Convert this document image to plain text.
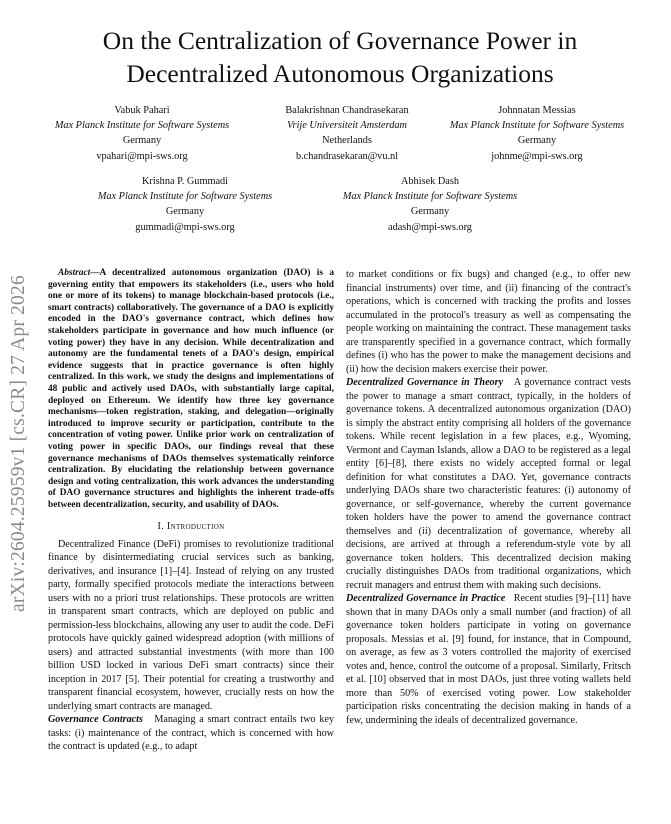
arXiv:2604.25959v1 [cs.CR] 27 Apr 2026
On the Centralization of Governance Power in
Decentralized Autonomous Organizations
Vabuk Pahari
Max Planck Institute for Software Systems
Germany
vpahari@mpi-sws.org
Balakrishnan Chandrasekaran
Vrije Universiteit Amsterdam
Netherlands
b.chandrasekaran@vu.nl
Johnnatan Messias
Max Planck Institute for Software Systems
Germany
johnme@mpi-sws.org
Krishna P. Gummadi
Max Planck Institute for Software Systems
Germany
gummadi@mpi-sws.org
Abhisek Dash
Max Planck Institute for Software Systems
Germany
adash@mpi-sws.org

Abstract—A decentralized autonomous organization (DAO) is a governing entity that empowers its stakeholders (i.e., users who hold one or more of its tokens) to manage blockchain-based protocols (i.e., smart contracts) collaboratively. The governance of a DAO is explicitly encoded in the DAO's governance contract, which defines how stakeholders participate in governance and how much influence (or voting power) they have in any decision. While decentralization and autonomy are the fundamental tenets of a DAO's design, empirical evidence suggests that in practice governance is often highly centralized. In this work, we study the designs and implementations of 48 public and actively used DAOs, with substantially large capital, deployed on Ethereum. We identify how three key governance mechanisms—token registration, staking, and delegation—originally introduced to improve security or participation, contribute to the concentration of voting power. Unlike prior work on centralization of voting power in specific DAOs, our findings reveal that these governance mechanisms of DAOs themselves systematically reinforce centralization. By elucidating the relationship between governance design and voting centralization, this work advances the understanding of DAO governance structures and highlights the inherent trade-offs between decentralization, security, and usability of DAOs.

I. Introduction

Decentralized Finance (DeFi) promises to revolutionize traditional finance by disintermediating crucial services such as banking, derivatives, and insurance [1]–[4]. Instead of relying on any trusted party, formally specified protocols mediate the interactions between users with no a priori trust relationships. These protocols are written in transparent smart contracts, which are deployed on public and permission-less blockchains, allowing any user to audit the code. DeFi protocols have quickly gained widespread adoption (with millions of users) and attracted substantial investments (with more than 100 billion USD locked in various DeFi smart contracts) since their inception in 2017 [5]. Their potential for creating a trustworthy and transparent financial ecosystem, however, crucially rests on how the underlying smart contracts are managed.

Governance Contracts Managing a smart contract entails two key tasks: (i) maintenance of the contract, which is concerned with how the contract is updated (e.g., to adapt

to market conditions or fix bugs) and changed (e.g., to offer new financial instruments) over time, and (ii) financing of the contract's operations, which is concerned with tracking the profits and losses accumulated in the protocol's treasury as well as compensating the people working on maintaining the contract. These management tasks are transparently specified in a governance contract, which formally defines (i) who has the power to make the management decisions and (ii) how the decision makers exercise their power.

Decentralized Governance in Theory A governance contract vests the power to manage a smart contract, typically, in the holders of governance tokens. A decentralized autonomous organization (DAO) is simply the abstract entity comprising all holders of the governance tokens. While recent legislation in a few places, e.g., Wyoming, Vermont and Cayman Islands, allow a DAO to be registered as a legal entity [6]–[8], there exists no widely accepted formal or legal definition for what constitutes a DAO. Yet, governance contracts underlying DAOs share two characteristic features: (i) autonomy of governance, or self-governance, whereby the current governance token holders have the power to amend the governance contract themselves and (ii) decentralization of governance, whereby all decisions, are arrived at through a referendum-style vote by all governance token holders. This decentralized decision making crucially distinguishes DAOs from traditional organizations, which recruit managers and entrust them with making such decisions.

Decentralized Governance in Practice Recent studies [9]–[11] have shown that in many DAOs only a small number (and fraction) of all governance token holders participate in voting on governance proposals. Messias et al. [9] found, for instance, that in Compound, on average, as few as 3 voters controlled the majority of exercised votes and, hence, control the outcome of a proposal. Similarly, Fritsch et al. [10] observed that in most DAOs, just three voting wallets held more than 50% of exercised voting power. Low stakeholder participation risks concentrating the decision making in hands of a few, undermining the ideals of decentralized governance.
